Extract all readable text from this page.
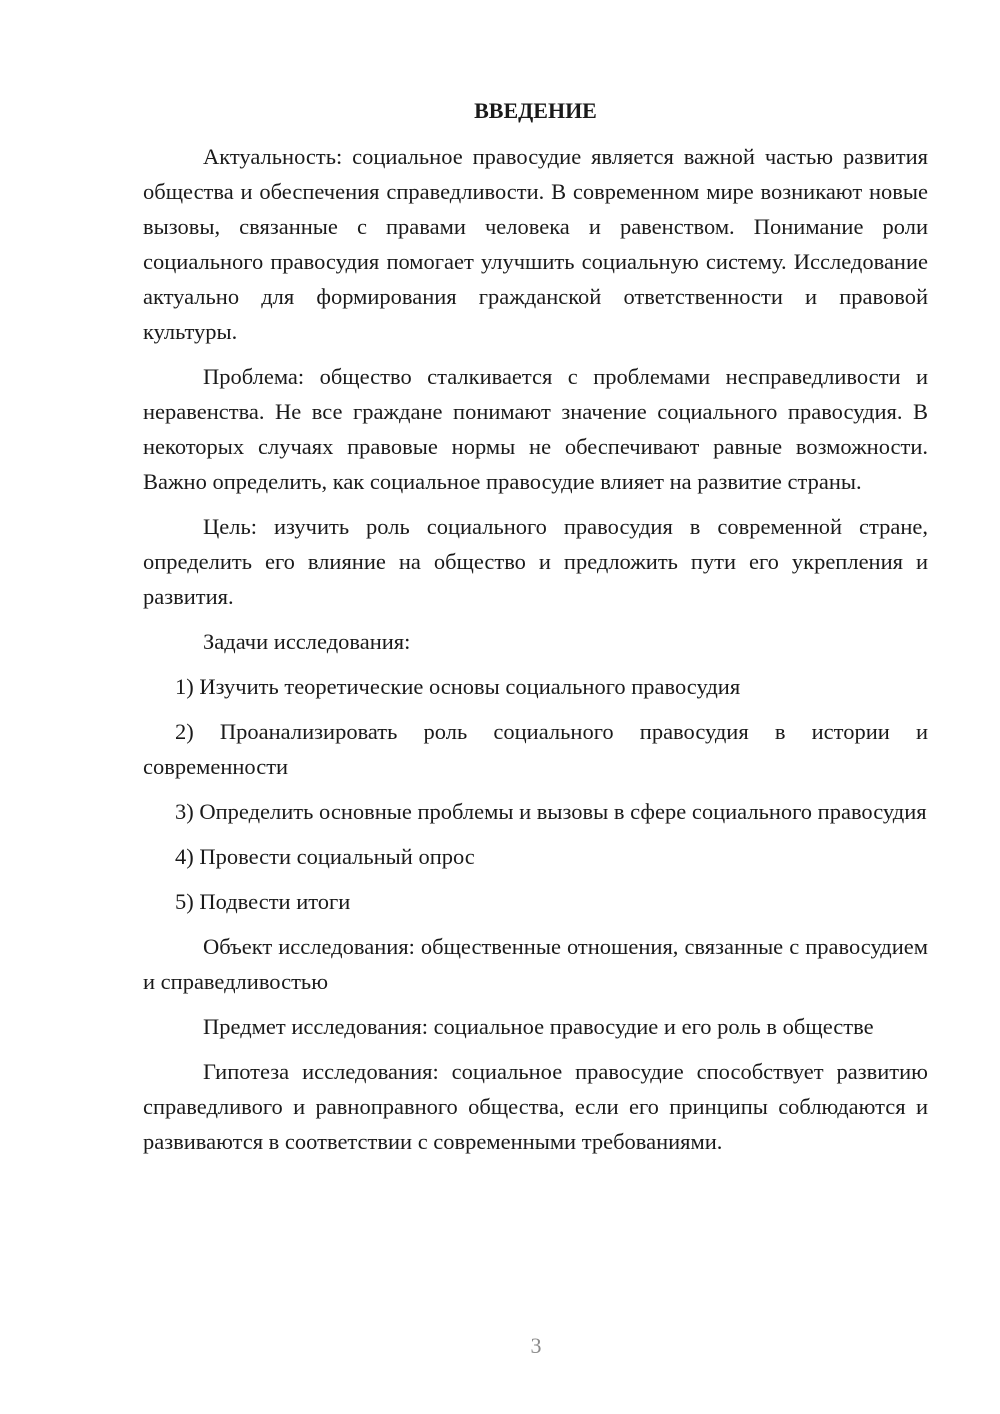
ВВЕДЕНИЕ

Актуальность: социальное правосудие является важной частью развития общества и обеспечения справедливости. В современном мире возникают новые вызовы, связанные с правами человека и равенством. Понимание роли социального правосудия помогает улучшить социальную систему. Исследование актуально для формирования гражданской ответственности и правовой культуры.

Проблема: общество сталкивается с проблемами несправедливости и неравенства. Не все граждане понимают значение социального правосудия. В некоторых случаях правовые нормы не обеспечивают равные возможности. Важно определить, как социальное правосудие влияет на развитие страны.

Цель: изучить роль социального правосудия в современной стране, определить его влияние на общество и предложить пути его укрепления и развития.

Задачи исследования:

1) Изучить теоретические основы социального правосудия

2) Проанализировать роль социального правосудия в истории и современности

3) Определить основные проблемы и вызовы в сфере социального правосудия

4) Провести социальный опрос

5) Подвести итоги

Объект исследования: общественные отношения, связанные с правосудием и справедливостью

Предмет исследования: социальное правосудие и его роль в обществе

Гипотеза исследования: социальное правосудие способствует развитию справедливого и равноправного общества, если его принципы соблюдаются и развиваются в соответствии с современными требованиями.

3
